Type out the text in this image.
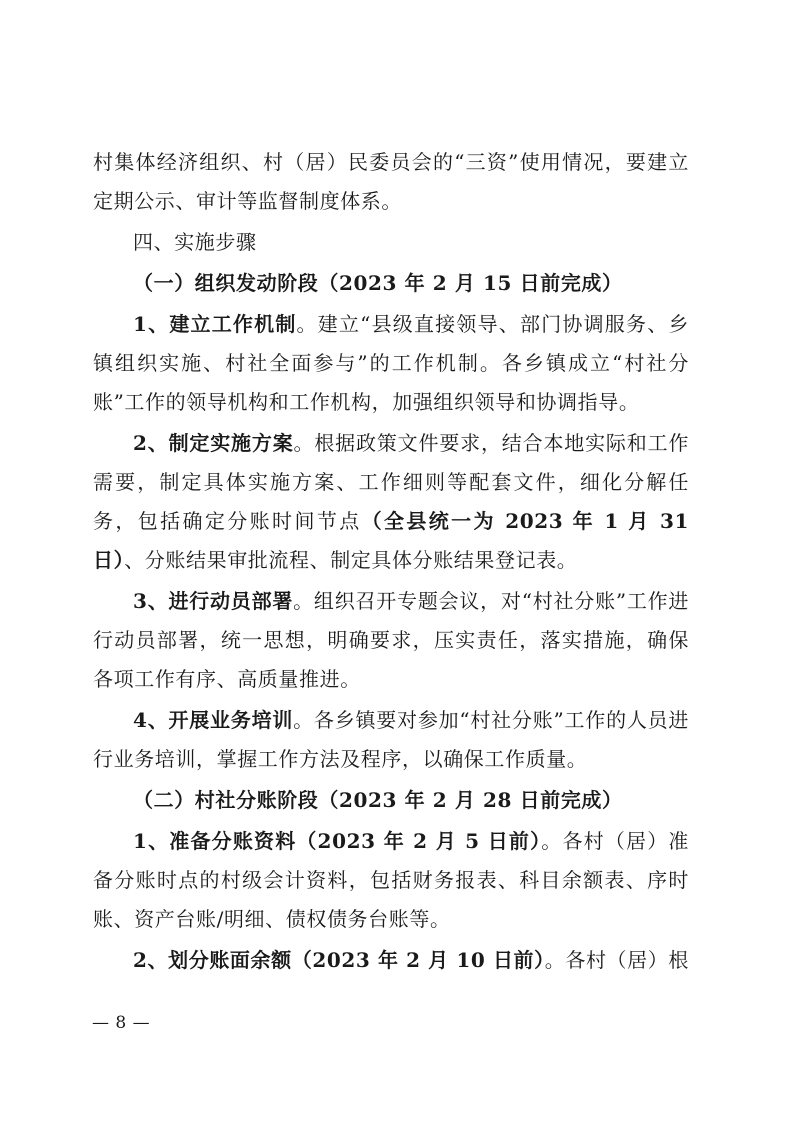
村集体经济组织、村（居）民委员会的“三资”使用情况，要建立定期公示、审计等监督制度体系。

四、实施步骤

（一）组织发动阶段（2023 年 2 月 15 日前完成）

1、建立工作机制。建立“县级直接领导、部门协调服务、乡镇组织实施、村社全面参与”的工作机制。各乡镇成立“村社分账”工作的领导机构和工作机构，加强组织领导和协调指导。

2、制定实施方案。根据政策文件要求，结合本地实际和工作需要，制定具体实施方案、工作细则等配套文件，细化分解任务，包括确定分账时间节点（全县统一为 2023 年 1 月 31 日）、分账结果审批流程、制定具体分账结果登记表。

3、进行动员部署。组织召开专题会议，对“村社分账”工作进行动员部署，统一思想，明确要求，压实责任，落实措施，确保各项工作有序、高质量推进。

4、开展业务培训。各乡镇要对参加“村社分账”工作的人员进行业务培训，掌握工作方法及程序，以确保工作质量。

（二）村社分账阶段（2023 年 2 月 28 日前完成）

1、准备分账资料（2023 年 2 月 5 日前）。各村（居）准备分账时点的村级会计资料，包括财务报表、科目余额表、序时账、资产台账/明细、债权债务台账等。

2、划分账面余额（2023 年 2 月 10 日前）。各村（居）根

— 8 —
